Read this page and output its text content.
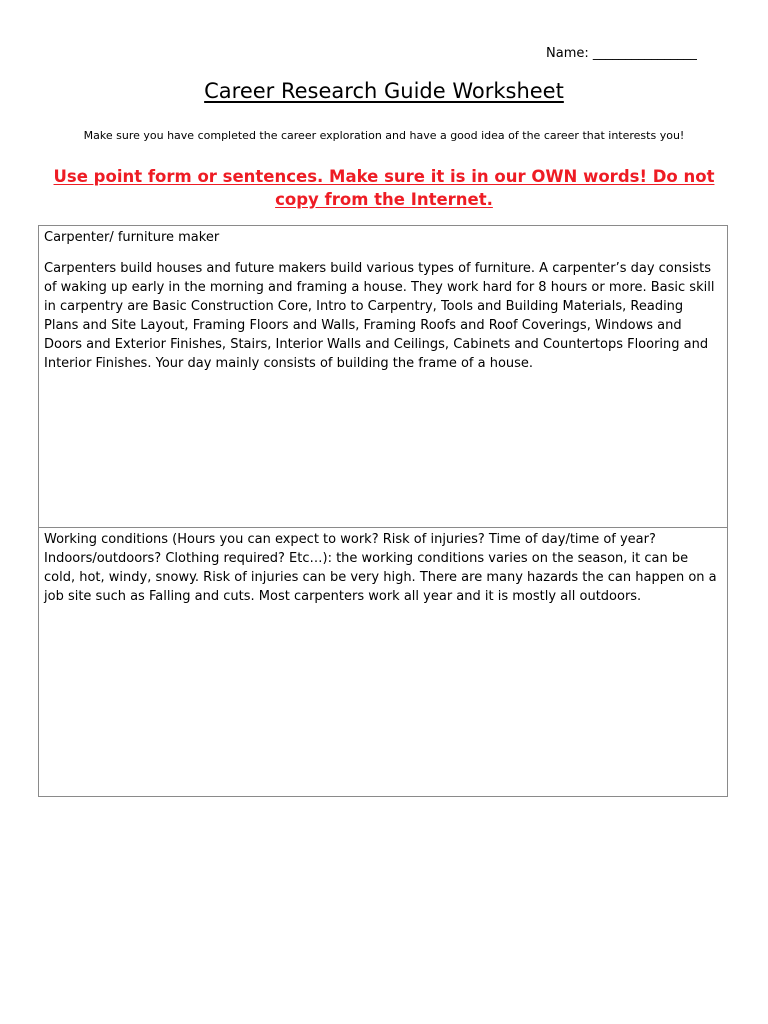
Name: ________________
Career Research Guide Worksheet
Make sure you have completed the career exploration and have a good idea of the career that interests you!
Use point form or sentences. Make sure it is in our OWN words! Do not copy from the Internet.

Carpenter/ furniture maker

Carpenters build houses and future makers build various types of furniture. A carpenter’s day consists of waking up early in the morning and framing a house. They work hard for 8 hours or more. Basic skill in carpentry are Basic Construction Core, Intro to Carpentry, Tools and Building Materials, Reading Plans and Site Layout, Framing Floors and Walls, Framing Roofs and Roof Coverings, Windows and Doors and Exterior Finishes, Stairs, Interior Walls and Ceilings, Cabinets and Countertops Flooring and Interior Finishes. Your day mainly consists of building the frame of a house.

Working conditions (Hours you can expect to work? Risk of injuries? Time of day/time of year? Indoors/outdoors? Clothing required? Etc…): the working conditions varies on the season, it can be cold, hot, windy, snowy. Risk of injuries can be very high. There are many hazards the can happen on a job site such as Falling and cuts. Most carpenters work all year and it is mostly all outdoors.
